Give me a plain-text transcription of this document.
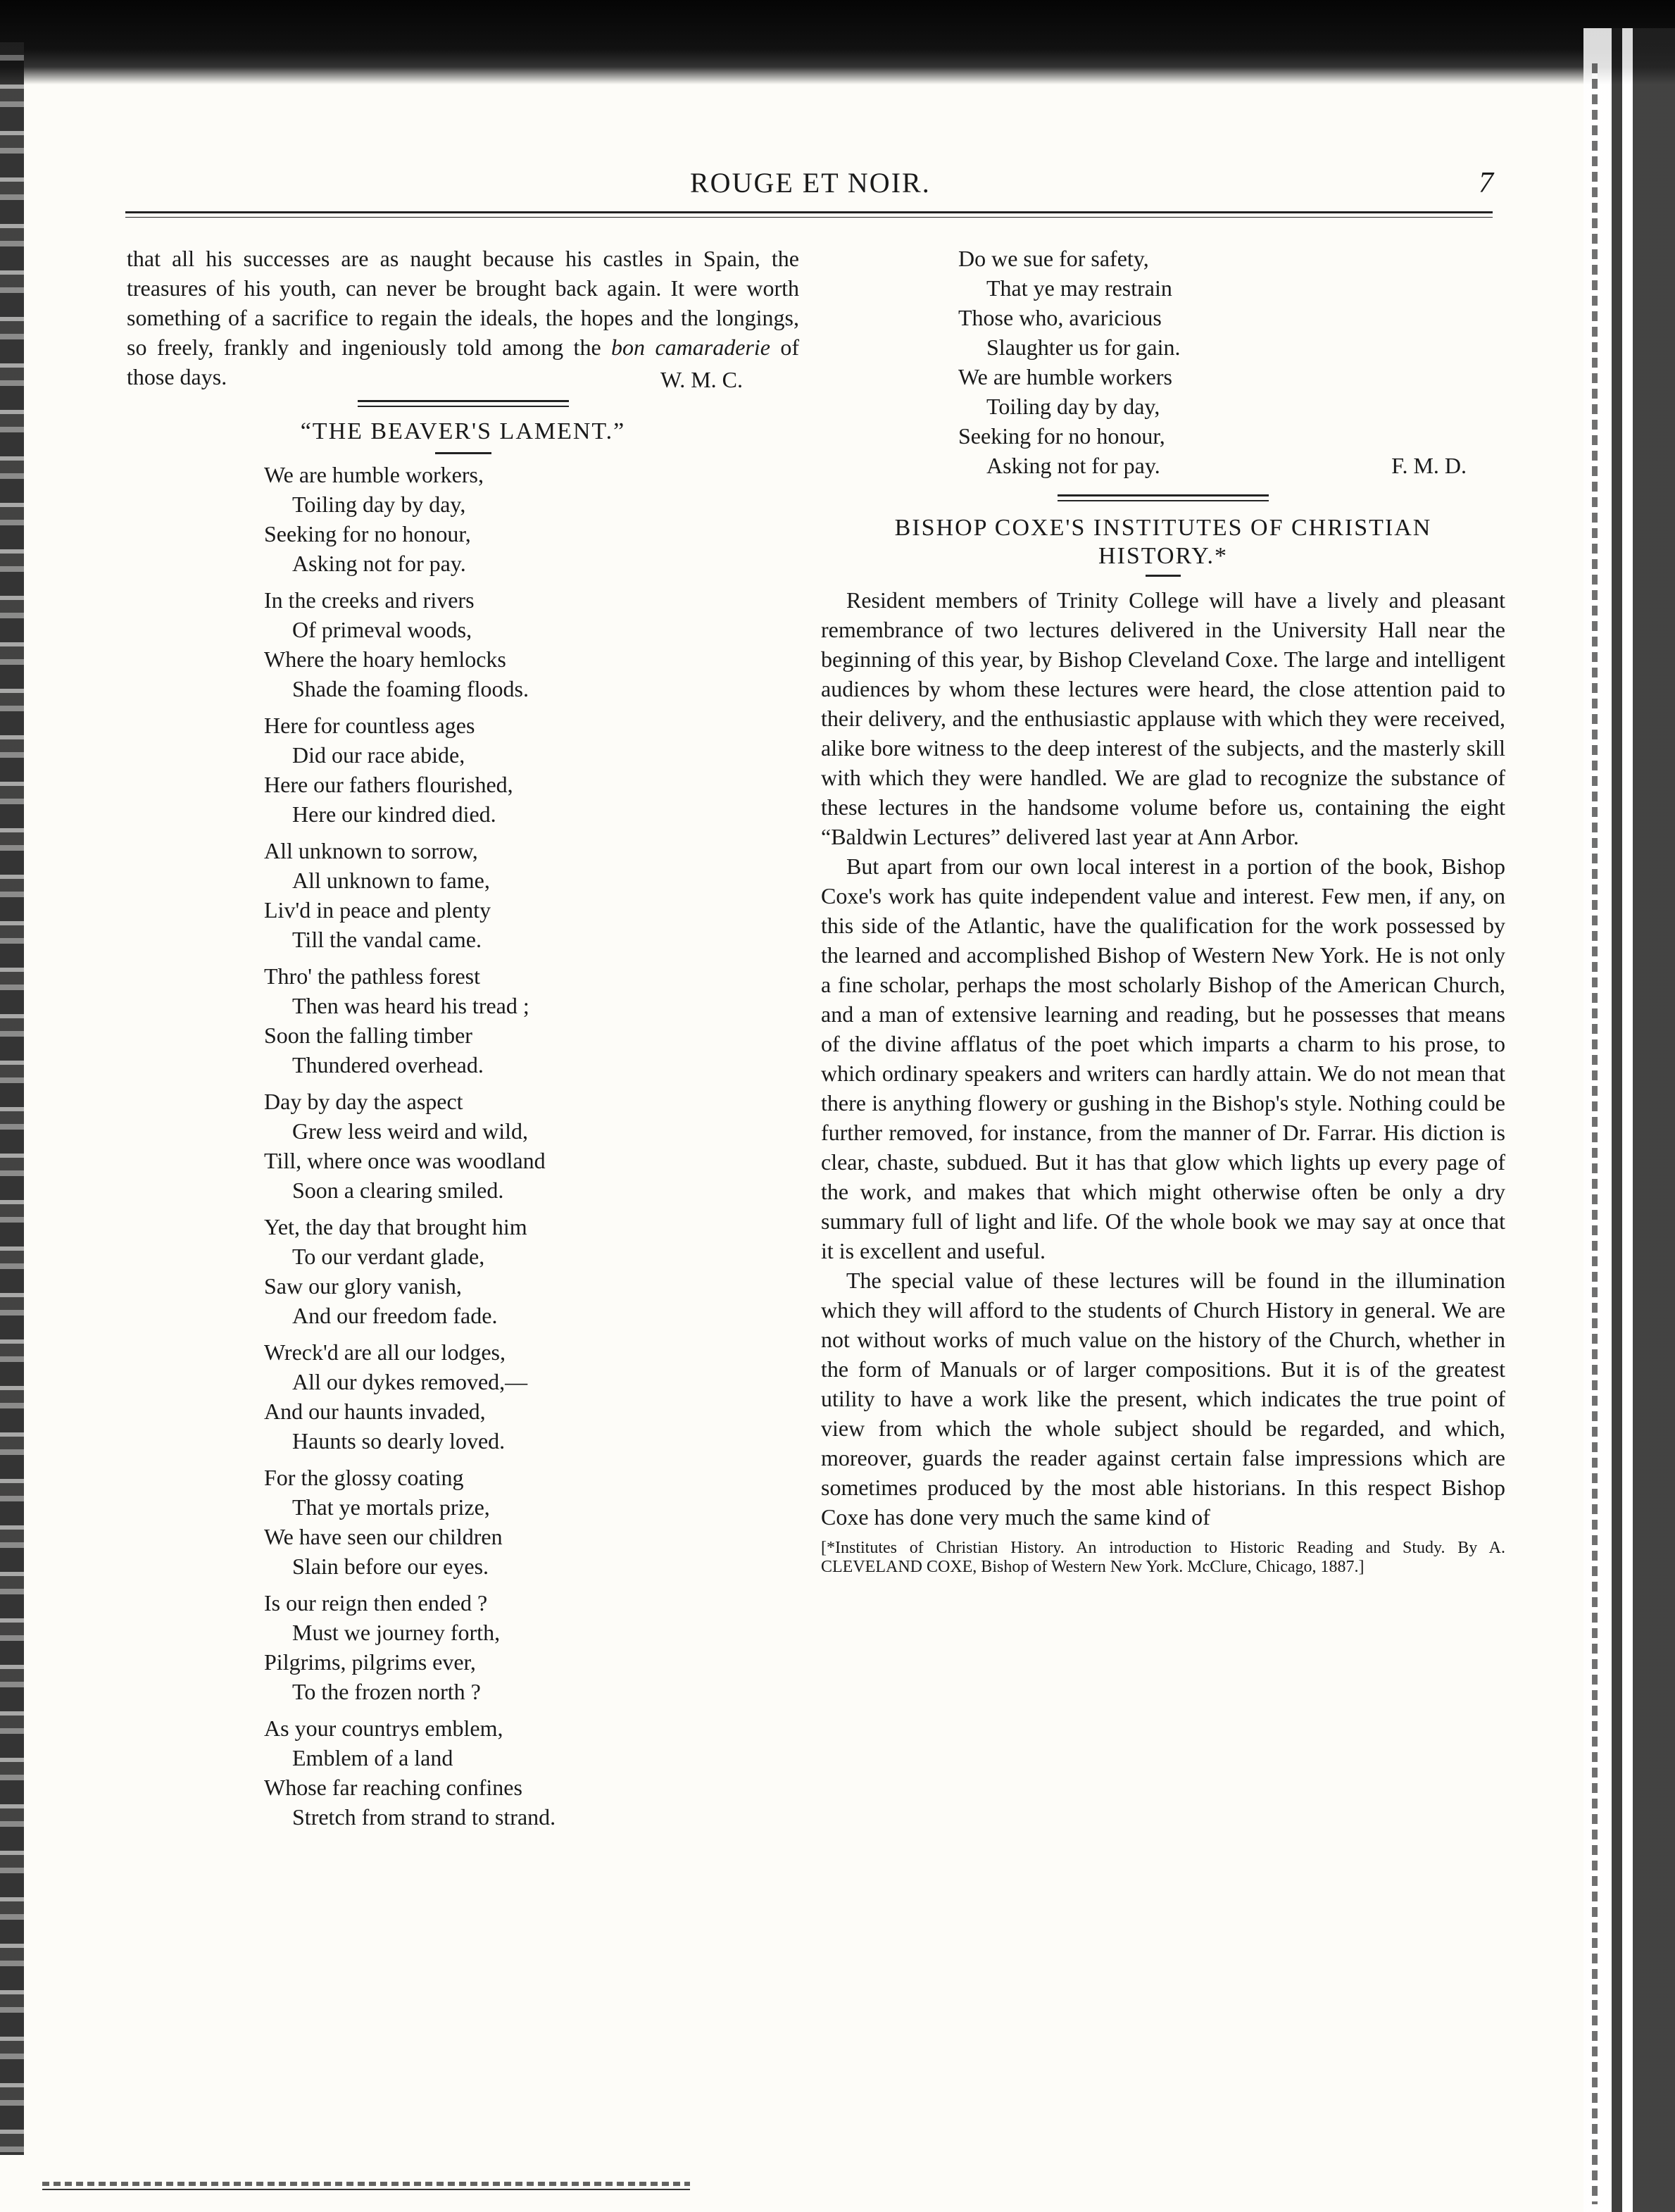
ROUGE ET NOIR.	7

that all his successes are as naught because his castles in Spain, the treasures of his youth, can never be brought back again. It were worth something of a sacrifice to regain the ideals, the hopes and the longings, so freely, frankly and ingeniously told among the bon camaraderie of those days.	W. M. C.

“THE BEAVER'S LAMENT.”

We are humble workers,
Toiling day by day,
Seeking for no honour,
Asking not for pay.
In the creeks and rivers
Of primeval woods,
Where the hoary hemlocks
Shade the foaming floods.
Here for countless ages
Did our race abide,
Here our fathers flourished,
Here our kindred died.
All unknown to sorrow,
All unknown to fame,
Liv'd in peace and plenty
Till the vandal came.
Thro' the pathless forest
Then was heard his tread ;
Soon the falling timber
Thundered overhead.
Day by day the aspect
Grew less weird and wild,
Till, where once was woodland
Soon a clearing smiled.
Yet, the day that brought him
To our verdant glade,
Saw our glory vanish,
And our freedom fade.
Wreck'd are all our lodges,
All our dykes removed,—
And our haunts invaded,
Haunts so dearly loved.
For the glossy coating
That ye mortals prize,
We have seen our children
Slain before our eyes.
Is our reign then ended ?
Must we journey forth,
Pilgrims, pilgrims ever,
To the frozen north ?
As your countrys emblem,
Emblem of a land
Whose far reaching confines
Stretch from strand to strand.
Do we sue for safety,
That ye may restrain
Those who, avaricious
Slaughter us for gain.
We are humble workers
Toiling day by day,
Seeking for no honour,
Asking not for pay.	F. M. D.

BISHOP COXE'S INSTITUTES OF CHRISTIAN
HISTORY.*

Resident members of Trinity College will have a lively and pleasant remembrance of two lectures delivered in the University Hall near the beginning of this year, by Bishop Cleveland Coxe. The large and intelligent audiences by whom these lectures were heard, the close attention paid to their delivery, and the enthusiastic applause with which they were received, alike bore witness to the deep interest of the subjects, and the masterly skill with which they were handled. We are glad to recognize the substance of these lectures in the handsome volume before us, containing the eight “Baldwin Lectures” delivered last year at Ann Arbor.

But apart from our own local interest in a portion of the book, Bishop Coxe's work has quite independent value and interest. Few men, if any, on this side of the Atlantic, have the qualification for the work possessed by the learned and accomplished Bishop of Western New York. He is not only a fine scholar, perhaps the most scholarly Bishop of the American Church, and a man of extensive learning and reading, but he possesses that means of the divine afflatus of the poet which imparts a charm to his prose, to which ordinary speakers and writers can hardly attain. We do not mean that there is anything flowery or gushing in the Bishop's style. Nothing could be further removed, for instance, from the manner of Dr. Farrar. His diction is clear, chaste, subdued. But it has that glow which lights up every page of the work, and makes that which might otherwise often be only a dry summary full of light and life. Of the whole book we may say at once that it is excellent and useful.

The special value of these lectures will be found in the illumination which they will afford to the students of Church History in general. We are not without works of much value on the history of the Church, whether in the form of Manuals or of larger compositions. But it is of the greatest utility to have a work like the present, which indicates the true point of view from which the whole subject should be regarded, and which, moreover, guards the reader against certain false impressions which are sometimes produced by the most able historians. In this respect Bishop Coxe has done very much the same kind of

[*Institutes of Christian History. An introduction to Historic Reading and Study. By A. CLEVELAND COXE, Bishop of Western New York. McClure, Chicago, 1887.]
